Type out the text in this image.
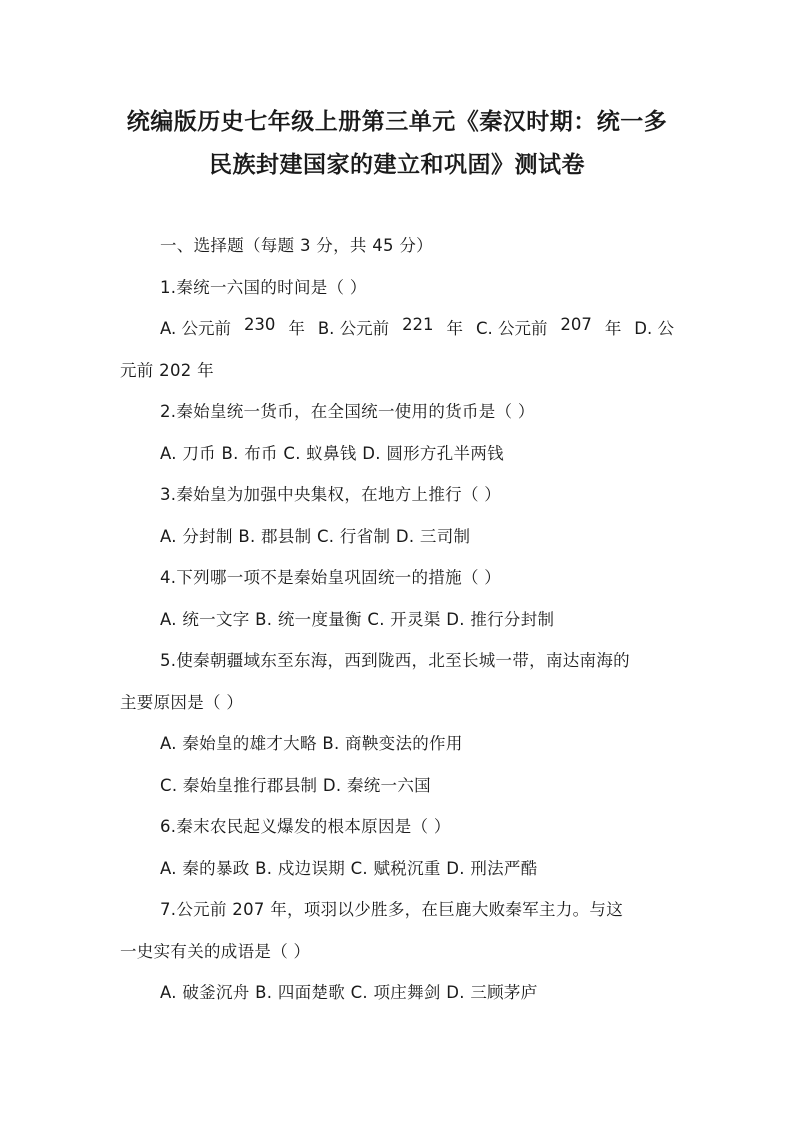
统编版历史七年级上册第三单元《秦汉时期：统一多
民族封建国家的建立和巩固》测试卷
一、选择题（每题 3 分，共 45 分）
1.秦统一六国的时间是（ ）
A. 公元前 230 年 B. 公元前 221 年 C. 公元前 207 年 D. 公
元前 202 年
2.秦始皇统一货币，在全国统一使用的货币是（ ）
A. 刀币 B. 布币 C. 蚁鼻钱 D. 圆形方孔半两钱
3.秦始皇为加强中央集权，在地方上推行（ ）
A. 分封制 B. 郡县制 C. 行省制 D. 三司制
4.下列哪一项不是秦始皇巩固统一的措施（ ）
A. 统一文字 B. 统一度量衡 C. 开灵渠 D. 推行分封制
5.使秦朝疆域东至东海，西到陇西，北至长城一带，南达南海的
主要原因是（ ）
A. 秦始皇的雄才大略 B. 商鞅变法的作用
C. 秦始皇推行郡县制 D. 秦统一六国
6.秦末农民起义爆发的根本原因是（ ）
A. 秦的暴政 B. 戍边误期 C. 赋税沉重 D. 刑法严酷
7.公元前 207 年，项羽以少胜多，在巨鹿大败秦军主力。与这
一史实有关的成语是（ ）
A. 破釜沉舟 B. 四面楚歌 C. 项庄舞剑 D. 三顾茅庐
